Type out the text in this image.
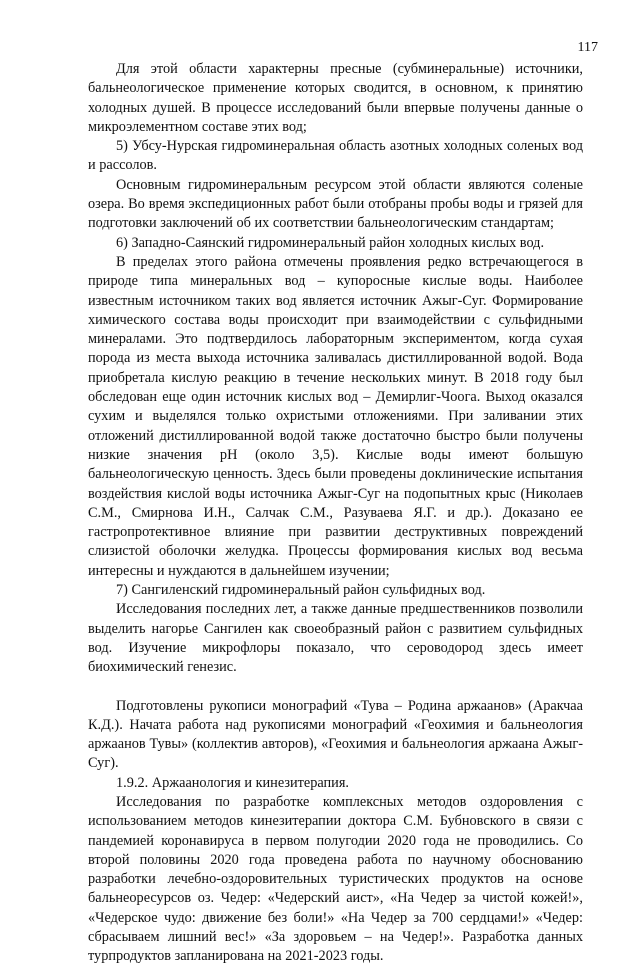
117

Для этой области характерны пресные (субминеральные) источники, бальнеологическое применение которых сводится, в основном, к принятию холодных душей. В процессе исследований были впервые получены данные о микроэлементном составе этих вод;

5) Убсу-Нурская гидроминеральная область азотных холодных соленых вод и рассолов.

Основным гидроминеральным ресурсом этой области являются соленые озера. Во время экспедиционных работ были отобраны пробы воды и грязей для подготовки заключений об их соответствии бальнеологическим стандартам;

6) Западно-Саянский гидроминеральный район холодных кислых вод.

В пределах этого района отмечены проявления редко встречающегося в природе типа минеральных вод – купоросные кислые воды. Наиболее известным источником таких вод является источник Ажыг-Суг. Формирование химического состава воды происходит при взаимодействии с сульфидными минералами. Это подтвердилось лабораторным экспериментом, когда сухая порода из места выхода источника заливалась дистиллированной водой. Вода приобретала кислую реакцию в течение нескольких минут. В 2018 году был обследован еще один источник кислых вод – Демирлиг-Чоога. Выход оказался сухим и выделялся только охристыми отложениями. При заливании этих отложений дистиллированной водой также достаточно быстро были получены низкие значения pH (около 3,5). Кислые воды имеют большую бальнеологическую ценность. Здесь были проведены доклинические испытания воздействия кислой воды источника Ажыг-Суг на подопытных крыс (Николаев С.М., Смирнова И.Н., Салчак С.М., Разуваева Я.Г. и др.). Доказано ее гастропротективное влияние при развитии деструктивных повреждений слизистой оболочки желудка. Процессы формирования кислых вод весьма интересны и нуждаются в дальнейшем изучении;

7) Сангиленский гидроминеральный район сульфидных вод.

Исследования последних лет, а также данные предшественников позволили выделить нагорье Сангилен как своеобразный район с развитием сульфидных вод. Изучение микрофлоры показало, что сероводород здесь имеет биохимический генезис.

Подготовлены рукописи монографий «Тува – Родина аржаанов» (Аракчаа К.Д.). Начата работа над рукописями монографий «Геохимия и бальнеология аржаанов Тувы» (коллектив авторов), «Геохимия и бальнеология аржаана Ажыг-Суг).

1.9.2. Аржаанология и кинезитерапия.

Исследования по разработке комплексных методов оздоровления с использованием методов кинезитерапии доктора С.М. Бубновского в связи с пандемией коронавируса в первом полугодии 2020 года не проводились. Со второй половины 2020 года проведена работа по научному обоснованию разработки лечебно-оздоровительных туристических продуктов на основе бальнеоресурсов оз. Чедер: «Чедерский аист», «На Чедер за чистой кожей!», «Чедерское чудо: движение без боли!» «На Чедер за 700 сердцами!» «Чедер: сбрасываем лишний вес!» «За здоровьем – на Чедер!». Разработка данных турпродуктов запланирована на 2021-2023 годы.
